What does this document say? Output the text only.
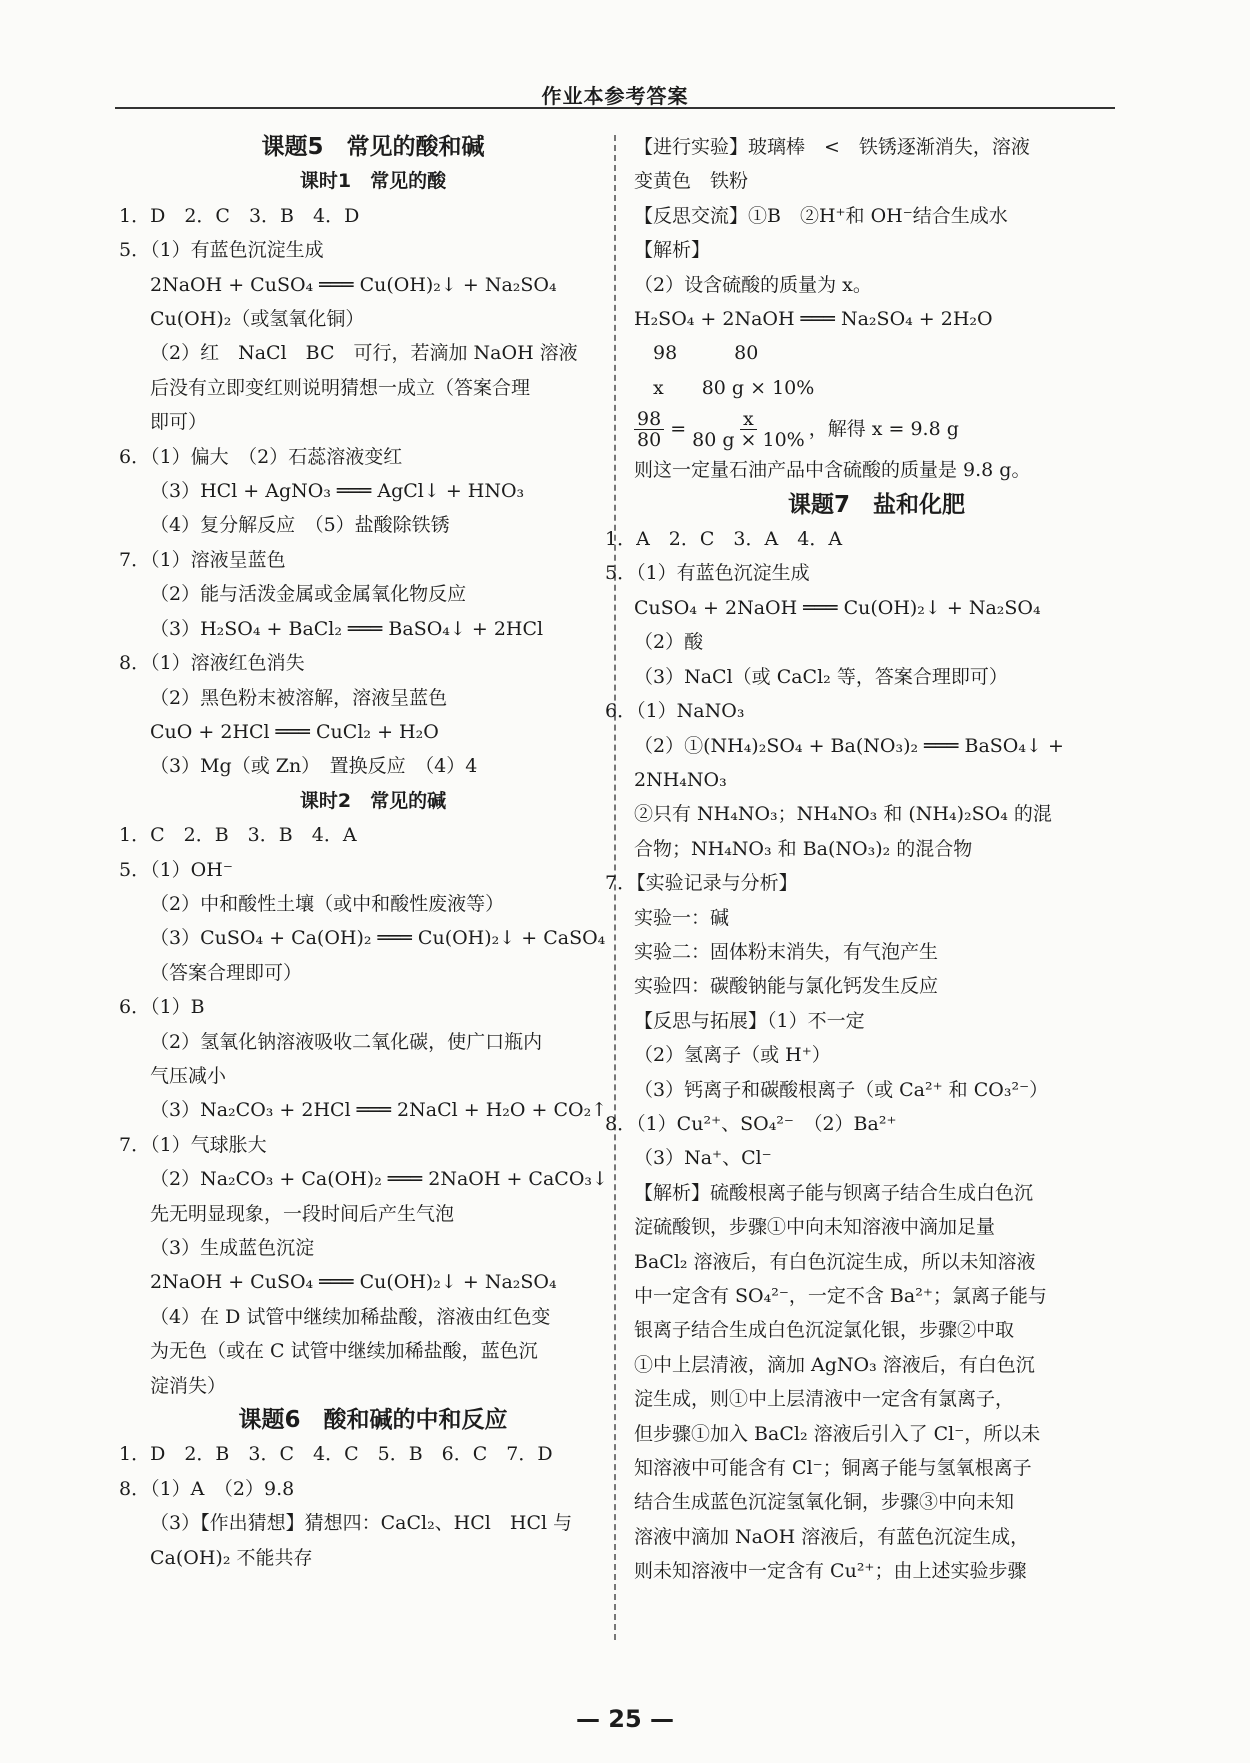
作业本参考答案
课题5　常见的酸和碱
课时1　常见的酸
1．D　2．C　3．B　4．D
5．（1）有蓝色沉淀生成
2NaOH + CuSO₄ ═══ Cu(OH)₂↓ + Na₂SO₄
Cu(OH)₂（或氢氧化铜）
（2）红　NaCl　BC　可行，若滴加 NaOH 溶液
后没有立即变红则说明猜想一成立（答案合理
即可）
6．（1）偏大　（2）石蕊溶液变红
（3）HCl + AgNO₃ ═══ AgCl↓ + HNO₃
（4）复分解反应　（5）盐酸除铁锈
7．（1）溶液呈蓝色
（2）能与活泼金属或金属氧化物反应
（3）H₂SO₄ + BaCl₂ ═══ BaSO₄↓ + 2HCl
8．（1）溶液红色消失
（2）黑色粉末被溶解，溶液呈蓝色
CuO + 2HCl ═══ CuCl₂ + H₂O
（3）Mg（或 Zn）　置换反应　（4）4
课时2　常见的碱
1．C　2．B　3．B　4．A
5．（1）OH⁻
（2）中和酸性土壤（或中和酸性废液等）
（3）CuSO₄ + Ca(OH)₂ ═══ Cu(OH)₂↓ + CaSO₄
（答案合理即可）
6．（1）B
（2）氢氧化钠溶液吸收二氧化碳，使广口瓶内
气压减小
（3）Na₂CO₃ + 2HCl ═══ 2NaCl + H₂O + CO₂↑
7．（1）气球胀大
（2）Na₂CO₃ + Ca(OH)₂ ═══ 2NaOH + CaCO₃↓
先无明显现象，一段时间后产生气泡
（3）生成蓝色沉淀
2NaOH + CuSO₄ ═══ Cu(OH)₂↓ + Na₂SO₄
（4）在 D 试管中继续加稀盐酸，溶液由红色变
为无色（或在 C 试管中继续加稀盐酸，蓝色沉
淀消失）
课题6　酸和碱的中和反应
1．D　2．B　3．C　4．C　5．B　6．C　7．D
8．（1）A　（2）9.8
（3）【作出猜想】猜想四：CaCl₂、HCl　HCl 与
Ca(OH)₂ 不能共存
【进行实验】玻璃棒　<　铁锈逐渐消失，溶液
变黄色　铁粉
【反思交流】①B　②H⁺和 OH⁻结合生成水
【解析】
（2）设含硫酸的质量为 x。
H₂SO₄ + 2NaOH ═══ Na₂SO₄ + 2H₂O
　98　　　80
　x　　80 g × 10%
$\frac{98}{80} = \frac{x}{80 g \times 10\%}$ ，解得 x = 9.8 g
则这一定量石油产品中含硫酸的质量是 9.8 g。
课题7　盐和化肥
1．A　2．C　3．A　4．A
5．（1）有蓝色沉淀生成
CuSO₄ + 2NaOH ═══ Cu(OH)₂↓ + Na₂SO₄
（2）酸
（3）NaCl（或 CaCl₂ 等，答案合理即可）
6．（1）NaNO₃
（2）①(NH₄)₂SO₄ + Ba(NO₃)₂ ═══ BaSO₄↓ +
2NH₄NO₃
②只有 NH₄NO₃；NH₄NO₃ 和 (NH₄)₂SO₄ 的混
合物；NH₄NO₃ 和 Ba(NO₃)₂ 的混合物
7．【实验记录与分析】
实验一：碱
实验二：固体粉末消失，有气泡产生
实验四：碳酸钠能与氯化钙发生反应
【反思与拓展】（1）不一定
（2）氢离子（或 H⁺）
（3）钙离子和碳酸根离子（或 Ca²⁺ 和 CO₃²⁻）
8．（1）Cu²⁺、SO₄²⁻　（2）Ba²⁺
（3）Na⁺、Cl⁻
【解析】硫酸根离子能与钡离子结合生成白色沉
淀硫酸钡，步骤①中向未知溶液中滴加足量
BaCl₂ 溶液后，有白色沉淀生成，所以未知溶液
中一定含有 SO₄²⁻，一定不含 Ba²⁺；氯离子能与
银离子结合生成白色沉淀氯化银，步骤②中取
①中上层清液，滴加 AgNO₃ 溶液后，有白色沉
淀生成，则①中上层清液中一定含有氯离子，
但步骤①加入 BaCl₂ 溶液后引入了 Cl⁻，所以未
知溶液中可能含有 Cl⁻；铜离子能与氢氧根离子
结合生成蓝色沉淀氢氧化铜，步骤③中向未知
溶液中滴加 NaOH 溶液后，有蓝色沉淀生成，
则未知溶液中一定含有 Cu²⁺；由上述实验步骤
— 25 —
